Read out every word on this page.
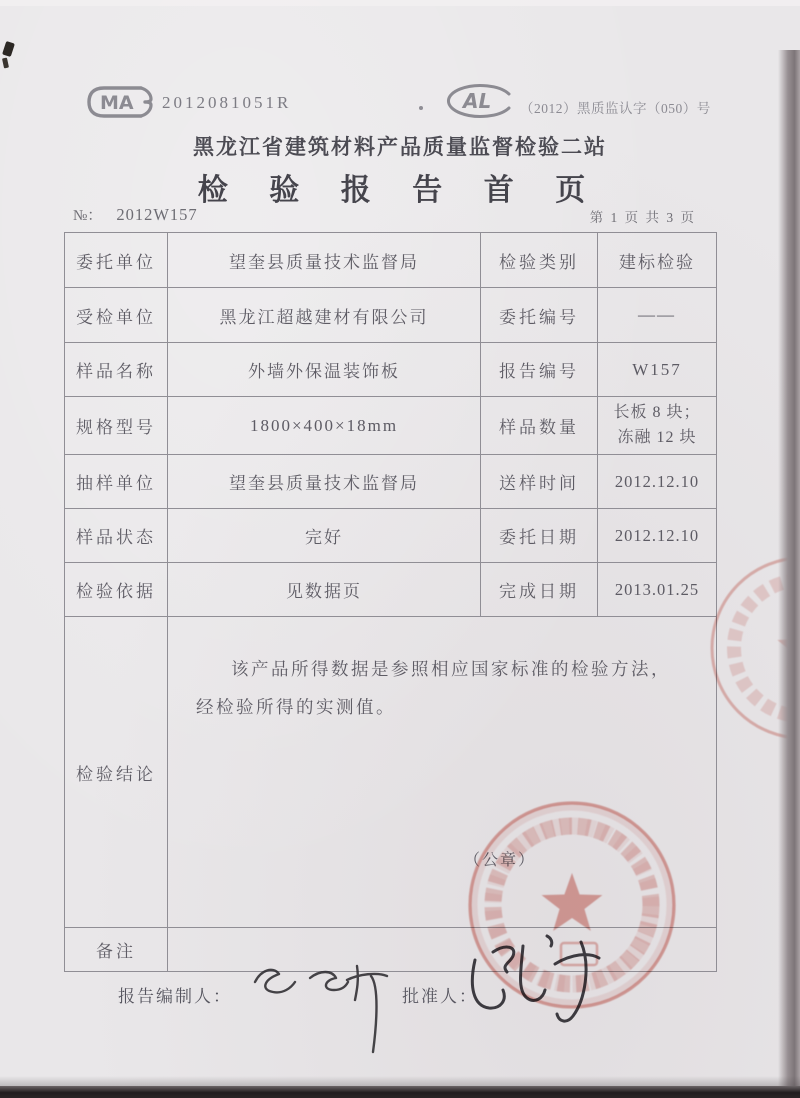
MA 2012081051R	AL （2012）黑质监认字（050）号
黑龙江省建筑材料产品质量监督检验二站
检 验 报 告 首 页
№： 2012W157	第 1 页 共 3 页
委托单位	望奎县质量技术监督局	检验类别	建标检验
受检单位	黑龙江超越建材有限公司	委托编号	——
样品名称	外墙外保温装饰板	报告编号	W157
规格型号	1800×400×18mm	样品数量	长板 8 块；
冻融 12 块
抽样单位	望奎县质量技术监督局	送样时间	2012.12.10
样品状态	完好	委托日期	2012.12.10
检验依据	见数据页	完成日期	2013.01.25
检验结论	该产品所得数据是参照相应国家标准的检验方法，经检验所得的实测值。

（公章）		

备注			
报告编制人：	批准人：
